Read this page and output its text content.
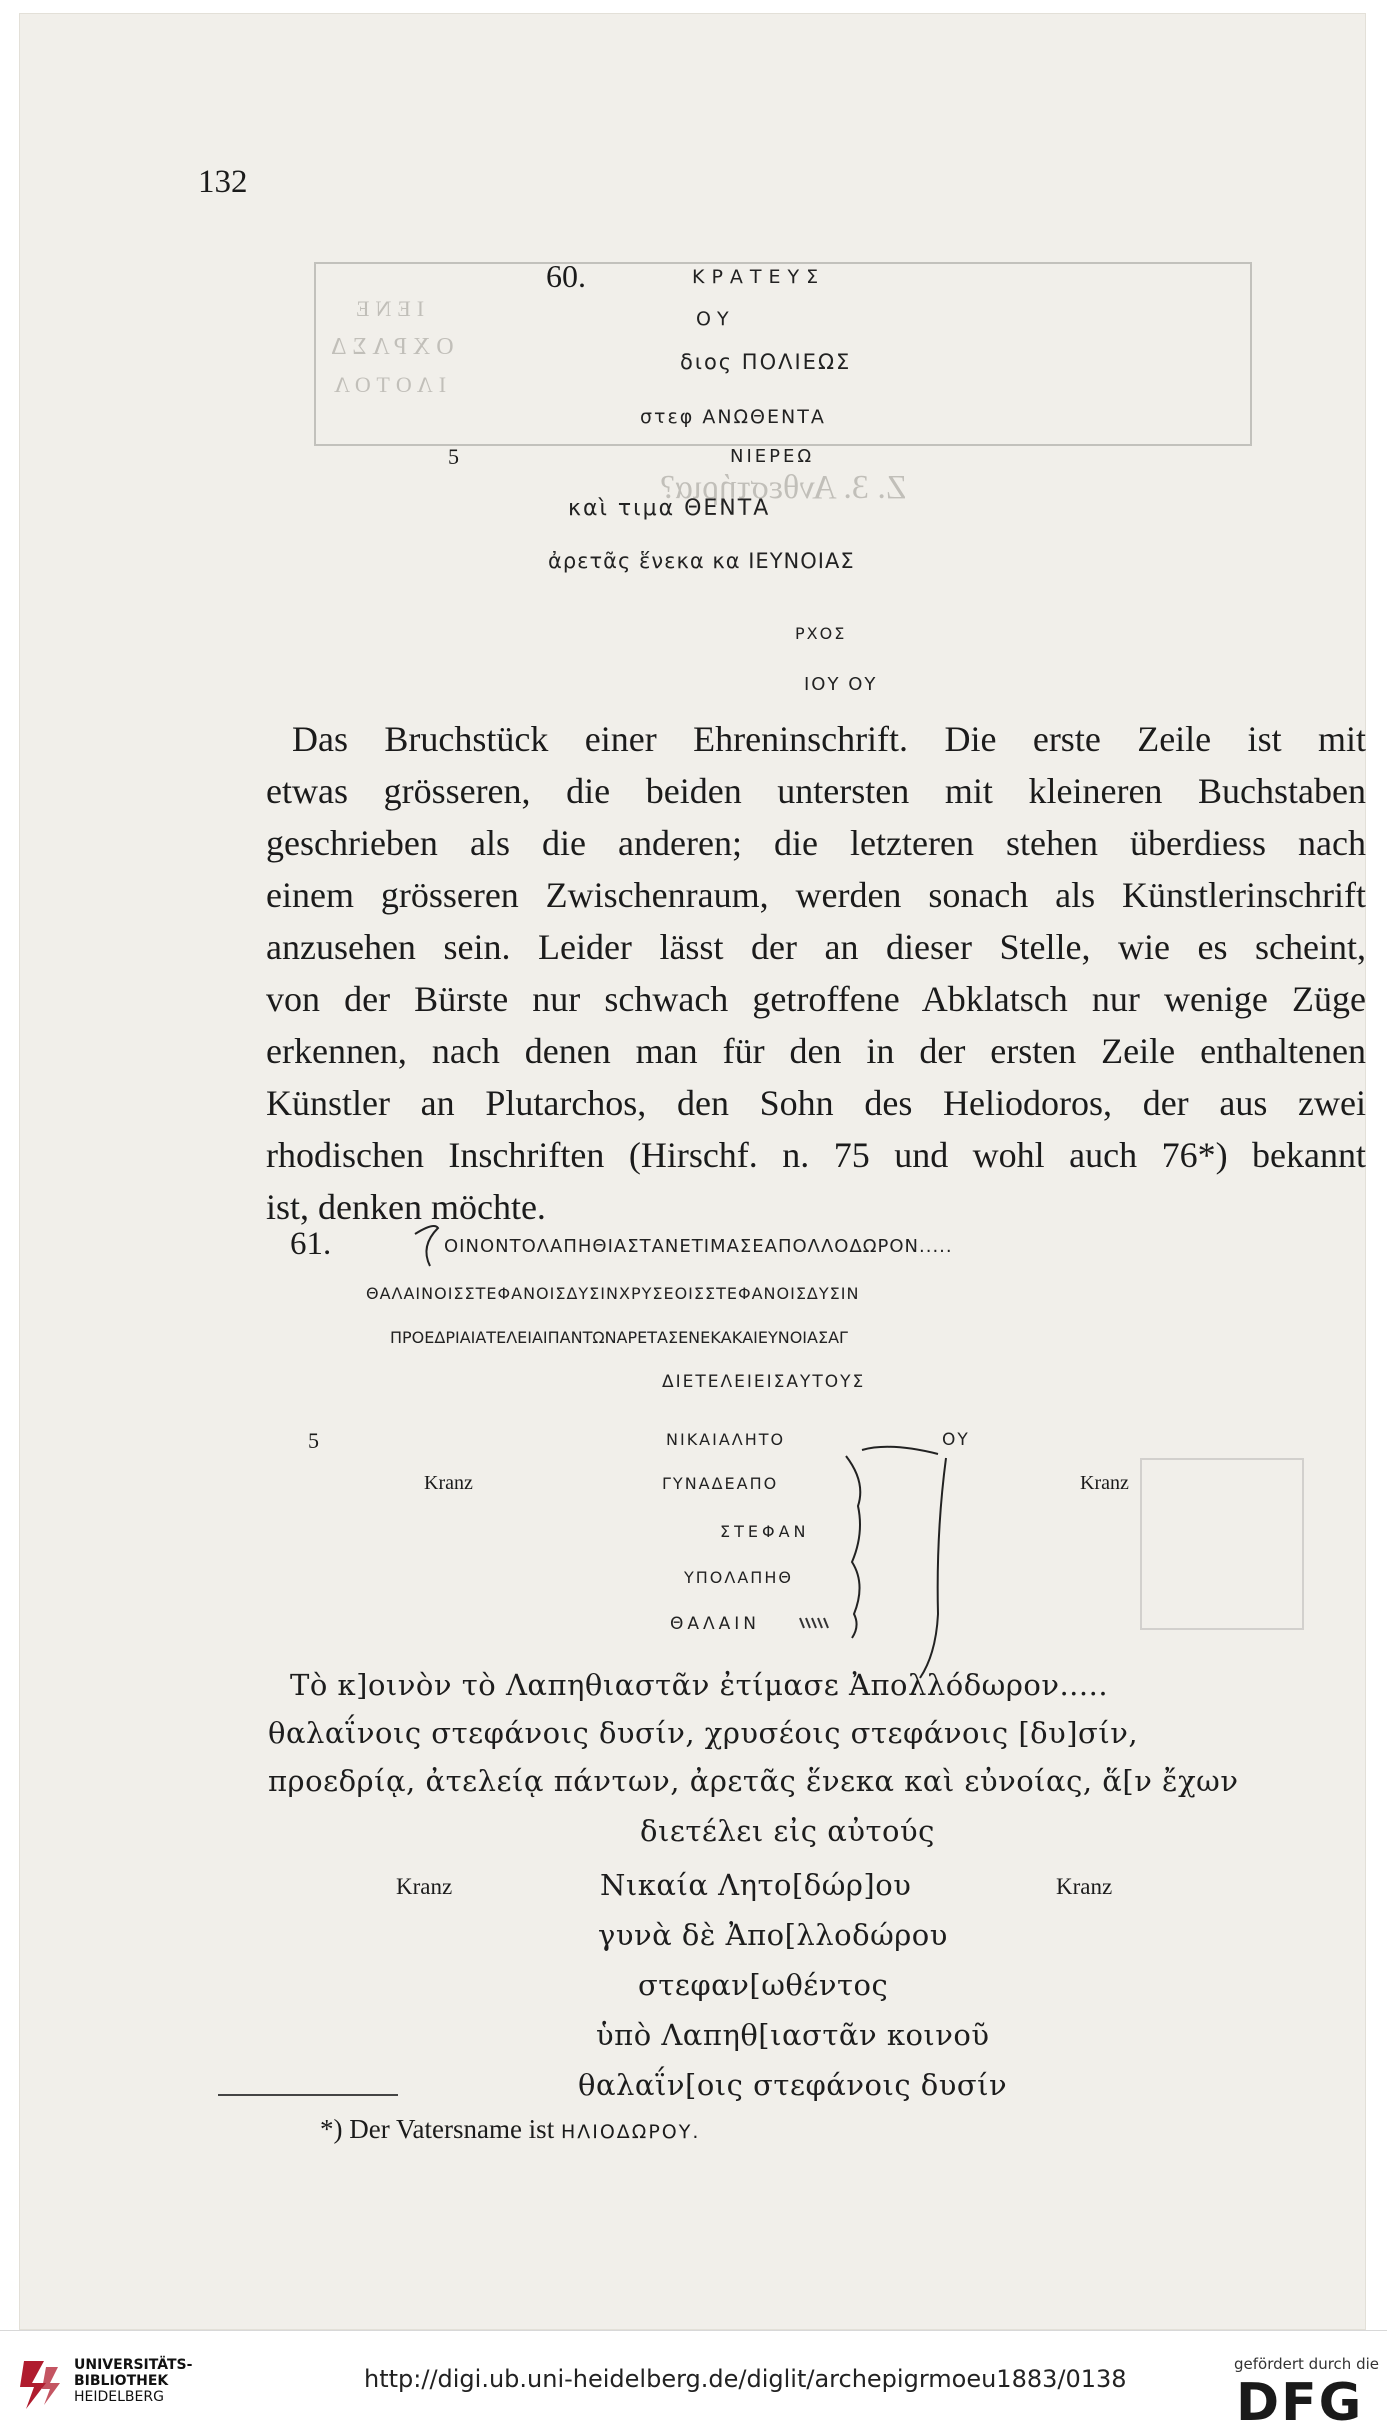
132
ΙΕΝΕ
ΟΧΡΛΣΔ
ΙΛΟΤΟΛ
Ζ. 3. Ανθεστήρια?
60.	ΚΡΑΤΕΥΣ
ΟΥ
διος ΠΟΛΙΕΩΣ
στεφ ΑΝΩΘΕΝΤΑ
5	ΝΙΕΡΕΩ
καὶ τιμα ΘΕΝΤΑ
ἀρετᾶς ἕνεκα κα ΙΕΥΝΟΙΑΣ
ΡΧΟΣ
ΙΟΥ ΟΥ
Das Bruchstück einer Ehreninschrift. Die erste Zeile ist mit
etwas grösseren, die beiden untersten mit kleineren Buchstaben
geschrieben als die anderen; die letzteren stehen überdiess nach
einem grösseren Zwischenraum, werden sonach als Künstlerinschrift
anzusehen sein. Leider lässt der an dieser Stelle, wie es scheint,
von der Bürste nur schwach getroffene Abklatsch nur wenige Züge
erkennen, nach denen man für den in der ersten Zeile enthaltenen
Künstler an Plutarchos, den Sohn des Heliodoros, der aus zwei
rhodischen Inschriften (Hirschf. n. 75 und wohl auch 76*) bekannt
ist, denken möchte.
61.	ΟΙΝΟΝΤΟΛΑΠΗΘΙΑΣΤΑΝΕΤΙΜΑΣΕΑΠΟΛΛΟΔΩΡΟΝ.....
ΘΑΛΑΙΝΟΙΣΣΤΕΦΑΝΟΙΣΔΥΣΙΝΧΡΥΣΕΟΙΣΣΤΕΦΑΝΟΙΣΔΥΣΙΝ
ΠΡΟΕΔΡΙΑΙΑΤΕΛΕΙΑΙΠΑΝΤΩΝΑΡΕΤΑΣΕΝΕΚΑΚΑΙΕΥΝΟΙΑΣΑΓ
ΔΙΕΤΕΛΕΙΕΙΣΑΥΤΟΥΣ
5	ΝΙΚΑΙΑΛΗΤΟ	ΟΥ
Kranz	Kranz
ΓΥΝΑΔΕΑΠΟ
ΣΤΕΦΑΝ
ΥΠΟΛΑΠΗΘ
ΘΑΛΑΙΝ
Τὸ κ]οινὸν τὸ Λαπηθιαστᾶν ἐτίμασε Ἀπολλόδωρον.....
θαλαΐνοις στεφάνοις δυσίν, χρυσέοις στεφάνοις [δυ]σίν,
προεδρίᾳ, ἀτελείᾳ πάντων, ἀρετᾶς ἕνεκα καὶ εὐνοίας, ἅ[ν ἔχων
διετέλει εἰς αὐτούς
Kranz	Kranz
Νικαία Λητο[δώρ]ου
γυνὰ δὲ Ἀπο[λλοδώρου
στεφαν[ωθέντος
ὑπὸ Λαπηθ[ιαστᾶν κοινοῦ
θαλαΐν[οις στεφάνοις δυσίν
*) Der Vatersname ist ΗΛΙΟΔΩΡΟΥ.
UNIVERSITÄTS-
BIBLIOTHEK
HEIDELBERG
http://digi.ub.uni-heidelberg.de/diglit/archepigrmoeu1883/0138
gefördert durch die
DFG
